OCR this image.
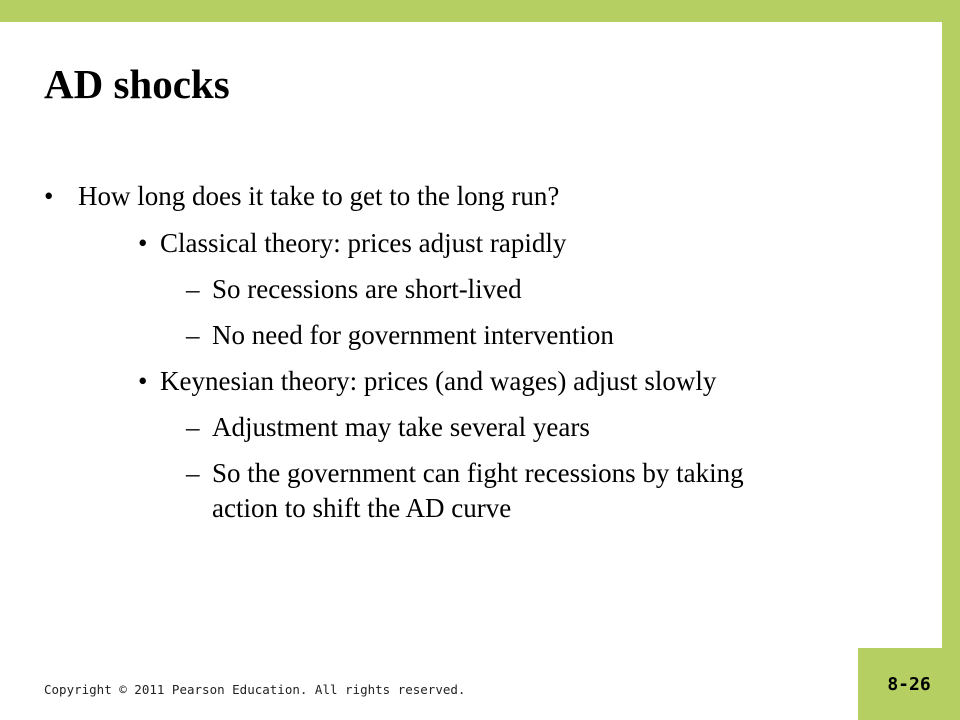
AD shocks
• How long does it take to get to the long run?
• Classical theory: prices adjust rapidly
– So recessions are short-lived
– No need for government intervention
• Keynesian theory: prices (and wages) adjust slowly
– Adjustment may take several years
– So the government can fight recessions by taking
action to shift the AD curve
Copyright © 2011 Pearson Education. All rights reserved.	8-26
